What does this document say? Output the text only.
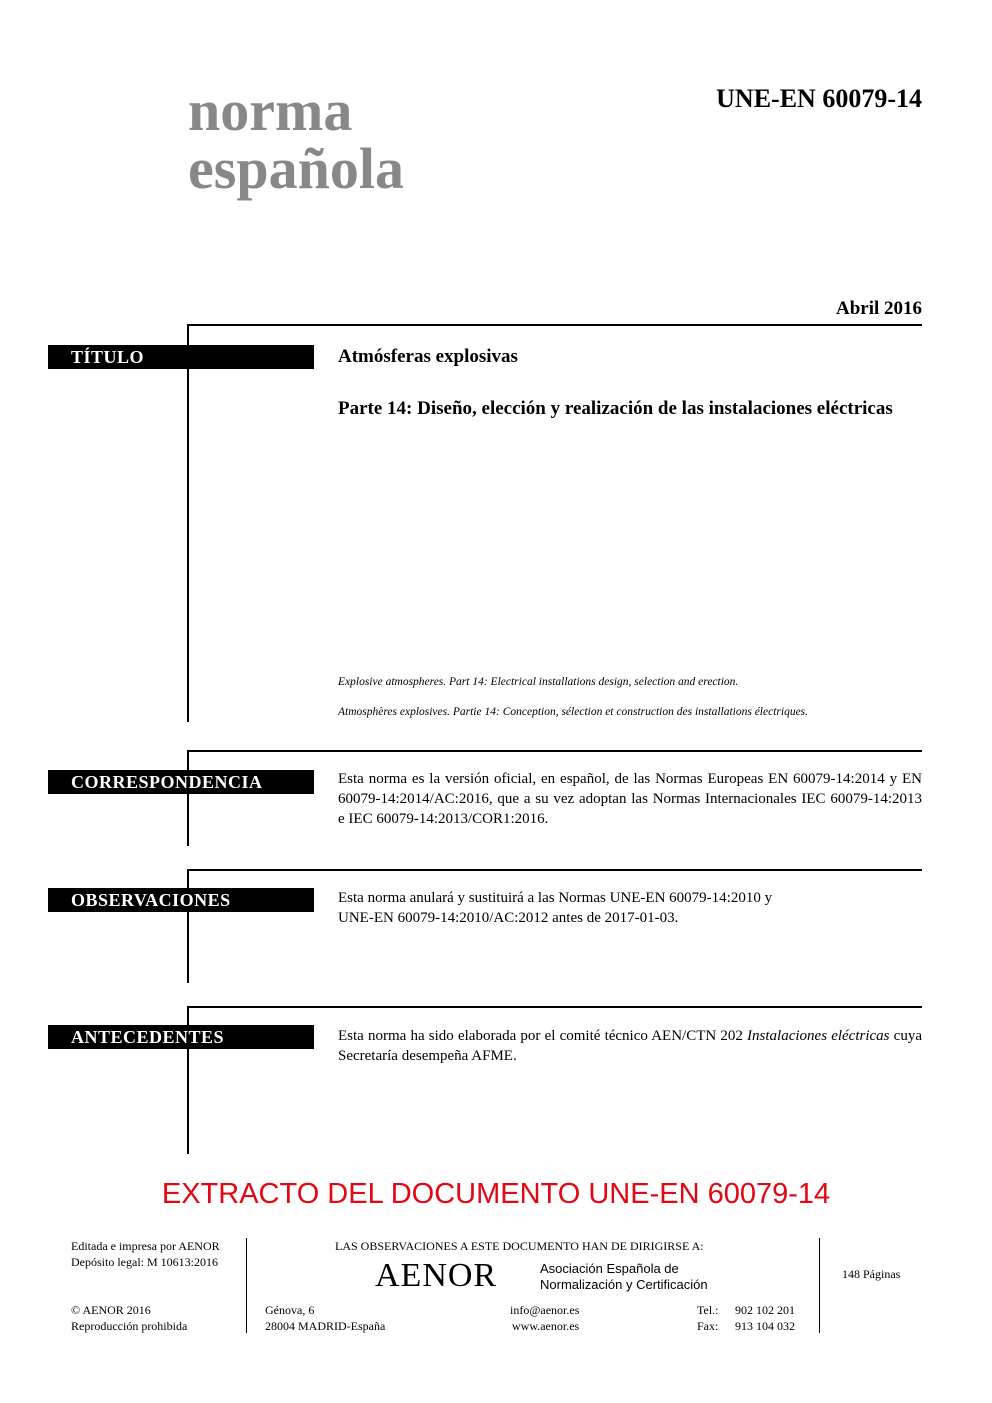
norma
española
UNE-EN 60079-14
Abril 2016
TÍTULO	Atmósferas explosivas
Parte 14: Diseño, elección y realización de las instalaciones eléctricas
Explosive atmospheres. Part 14: Electrical installations design, selection and erection.
Atmosphères explosives. Partie 14: Conception, sélection et construction des installations électriques.
CORRESPONDENCIA	Esta norma es la versión oficial, en español, de las Normas Europeas EN 60079-14:2014 y EN 60079-14:2014/AC:2016, que a su vez adoptan las Normas Internacionales IEC 60079-14:2013 e IEC 60079-14:2013/COR1:2016.
OBSERVACIONES	Esta norma anulará y sustituirá a las Normas UNE-EN 60079-14:2010 y
UNE-EN 60079-14:2010/AC:2012 antes de 2017-01-03.
ANTECEDENTES	Esta norma ha sido elaborada por el comité técnico AEN/CTN 202 Instalaciones eléctricas cuya Secretaría desempeña AFME.
EXTRACTO DEL DOCUMENTO UNE-EN 60079-14
Editada e impresa por AENOR
Depósito legal: M 10613:2016
© AENOR 2016
Reproducción prohibida
LAS OBSERVACIONES A ESTE DOCUMENTO HAN DE DIRIGIRSE A:
AENOR	Asociación Española de
Normalización y Certificación
Génova, 6
28004 MADRID-España
info@aenor.es
www.aenor.es
Tel.: 902 102 201
Fax: 913 104 032
148 Páginas
